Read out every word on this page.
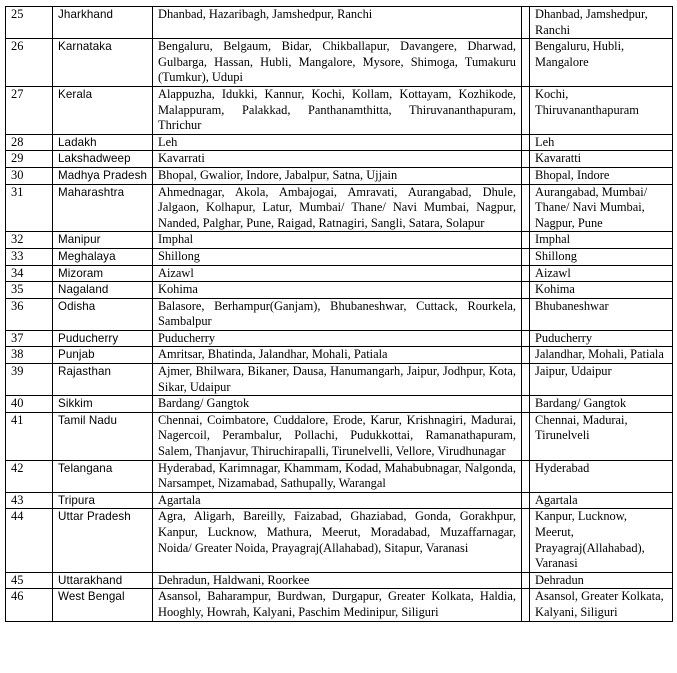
25	Jharkhand	Dhanbad, Hazaribagh, Jamshedpur, Ranchi		Dhanbad, Jamshedpur, Ranchi
26	Karnataka	Bengaluru, Belgaum, Bidar, Chikballapur, Davangere, Dharwad, Gulbarga, Hassan, Hubli, Mangalore, Mysore, Shimoga, Tumakuru (Tumkur), Udupi		Bengaluru, Hubli, Mangalore
27	Kerala	Alappuzha, Idukki, Kannur, Kochi, Kollam, Kottayam, Kozhikode, Malappuram, Palakkad, Panthanamthitta, Thiruvananthapuram, Thrichur		Kochi, Thiruvananthapuram
28	Ladakh	Leh		Leh
29	Lakshadweep	Kavarrati		Kavaratti
30	Madhya Pradesh	Bhopal, Gwalior, Indore, Jabalpur, Satna, Ujjain		Bhopal, Indore
31	Maharashtra	Ahmednagar, Akola, Ambajogai, Amravati, Aurangabad, Dhule, Jalgaon, Kolhapur, Latur, Mumbai/ Thane/ Navi Mumbai, Nagpur, Nanded, Palghar, Pune, Raigad, Ratnagiri, Sangli, Satara, Solapur		Aurangabad, Mumbai/ Thane/ Navi Mumbai, Nagpur, Pune
32	Manipur	Imphal		Imphal
33	Meghalaya	Shillong		Shillong
34	Mizoram	Aizawl		Aizawl
35	Nagaland	Kohima		Kohima
36	Odisha	Balasore, Berhampur(Ganjam), Bhubaneshwar, Cuttack, Rourkela, Sambalpur		Bhubaneshwar
37	Puducherry	Puducherry		Puducherry
38	Punjab	Amritsar, Bhatinda, Jalandhar, Mohali, Patiala		Jalandhar, Mohali, Patiala
39	Rajasthan	Ajmer, Bhilwara, Bikaner, Dausa, Hanumangarh, Jaipur, Jodhpur, Kota, Sikar, Udaipur		Jaipur, Udaipur
40	Sikkim	Bardang/ Gangtok		Bardang/ Gangtok
41	Tamil Nadu	Chennai, Coimbatore, Cuddalore, Erode, Karur, Krishnagiri, Madurai, Nagercoil, Perambalur, Pollachi, Pudukkottai, Ramanathapuram, Salem, Thanjavur, Thiruchirapalli, Tirunelvelli, Vellore, Virudhunagar		Chennai, Madurai, Tirunelveli
42	Telangana	Hyderabad, Karimnagar, Khammam, Kodad, Mahabubnagar, Nalgonda, Narsampet, Nizamabad, Sathupally, Warangal		Hyderabad
43	Tripura	Agartala		Agartala
44	Uttar Pradesh	Agra, Aligarh, Bareilly, Faizabad, Ghaziabad, Gonda, Gorakhpur, Kanpur, Lucknow, Mathura, Meerut, Moradabad, Muzaffarnagar, Noida/ Greater Noida, Prayagraj(Allahabad), Sitapur, Varanasi		Kanpur, Lucknow, Meerut, Prayagraj(Allahabad), Varanasi
45	Uttarakhand	Dehradun, Haldwani, Roorkee		Dehradun
46	West Bengal	Asansol, Baharampur, Burdwan, Durgapur, Greater Kolkata, Haldia, Hooghly, Howrah, Kalyani, Paschim Medinipur, Siliguri		Asansol, Greater Kolkata, Kalyani, Siliguri
